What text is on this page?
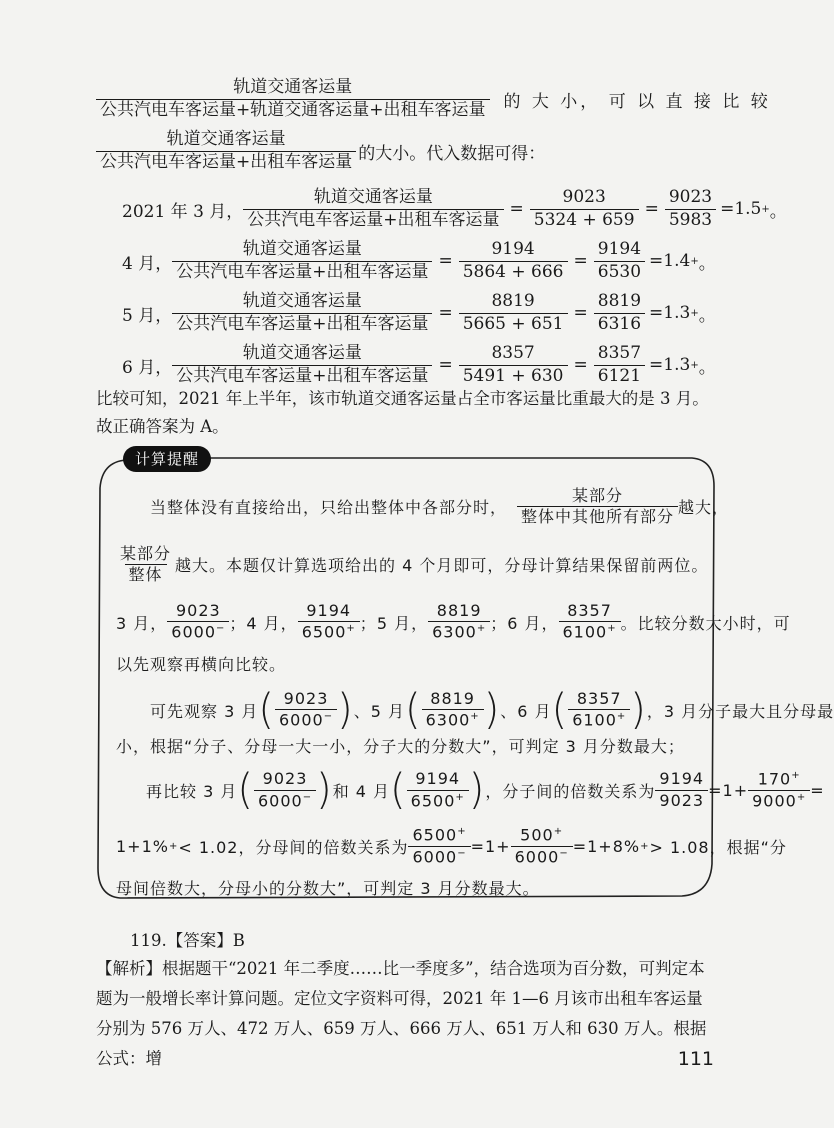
$\frac{\text{轨道交通客运量}}{\text{公共汽电车客运量+轨道交通客运量+出租车客运量}}$ 的 大 小， 可 以 直 接 比 较
$\frac{\text{轨道交通客运量}}{\text{公共汽电车客运量+出租车客运量}}$ 的大小。代入数据可得：
2021 年 3 月， $\frac{\text{轨道交通客运量}}{\text{公共汽电车客运量+出租车客运量}} = \frac{9023}{5324 + 659} = \frac{9023}{5983} =1.5$ + 。
4 月， $\frac{\text{轨道交通客运量}}{\text{公共汽电车客运量+出租车客运量}} = \frac{9194}{5864 + 666} = \frac{9194}{6530} =1.4$ + 。
5 月， $\frac{\text{轨道交通客运量}}{\text{公共汽电车客运量+出租车客运量}} = \frac{8819}{5665 + 651} = \frac{8819}{6316} =1.3$ + 。
6 月， $\frac{\text{轨道交通客运量}}{\text{公共汽电车客运量+出租车客运量}} = \frac{8357}{5491 + 630} = \frac{8357}{6121} =1.3$ + 。
比较可知，2021 年上半年，该市轨道交通客运量占全市客运量比重最大的是 3 月。
故正确答案为 A。
计算提醒
当整体没有直接给出，只给出整体中各部分时， $\frac{\text{某部分}}{\text{整体中其他所有部分}}$ 越大，
$\frac{\text{某部分}}{\text{整体}}$ 越大。本题仅计算选项给出的 4 个月即可，分母计算结果保留前两位。
3 月， $\frac{9023}{6000^-}$ ； 4 月， $\frac{9194}{6500^+}$ ； 5 月， $\frac{8819}{6300^+}$ ； 6 月， $\frac{8357}{6100^+}$ 。 比较分数大小时，可
以先观察再横向比较。
可先观察 3 月 ( $\frac{9023}{6000^-}$ ) 、5 月 ( $\frac{8819}{6300^+}$ ) 、6 月 ( $\frac{8357}{6100^+}$ ) ，3 月分子最大且分母最
小，根据“分子、分母一大一小，分子大的分数大”，可判定 3 月分数最大；
再比较 3 月 ( $\frac{9023}{6000^-}$ ) 和 4 月 ( $\frac{9194}{6500^+}$ ) ，分子间的倍数关系为 $\frac{9194}{9023} =1+ \frac{170^+}{9000^+}$ =
1+1% + < 1.02，分母间的倍数关系为 $\frac{6500^+}{6000^-} =1+ \frac{500^+}{6000^-} =1+8\%$ + > 1.08，根据“分
母间倍数大，分母小的分数大”，可判定 3 月分数最大。
119.【答案】B
【解析】根据题干“2021 年二季度……比一季度多”，结合选项为百分数，可判定本题为一般增长率计算问题。定位文字资料可得，2021 年 1—6 月该市出租车客运量分别为 576 万人、472 万人、659 万人、666 万人、651 万人和 630 万人。根据公式：增	111
